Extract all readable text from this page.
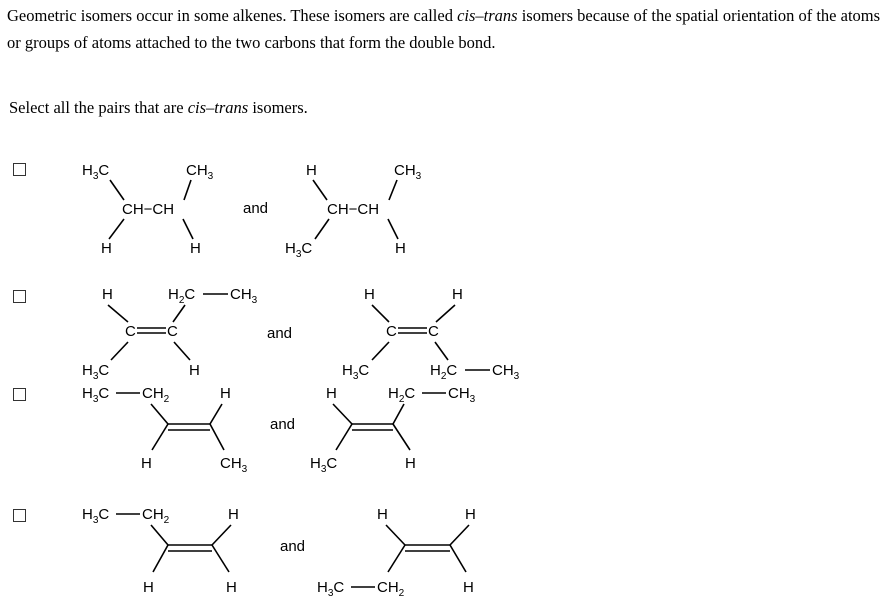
Geometric isomers occur in some alkenes. These isomers are called cis–trans isomers because of the spatial orientation of the atoms or groups of atoms attached to the two carbons that form the double bond.

Select all the pairs that are cis–trans isomers.

$H_3C$	$CH_3$
CH−CH
H	H
and
H	$CH_3$
CH−CH
$H_3C$	H
H	$H_2C$ $CH_3$
C C
$H_3C$	H
and
H	H
C C
$H_3C$	$H_2C$ $CH_3$
$H_3C$ $CH_2$	H
H	$CH_3$
and
H	$H_2C$ $CH_3$
$H_3C$	H
$H_3C$ $CH_2$	H
H	H
and
H	H
$H_3C$ $CH_2$	H
